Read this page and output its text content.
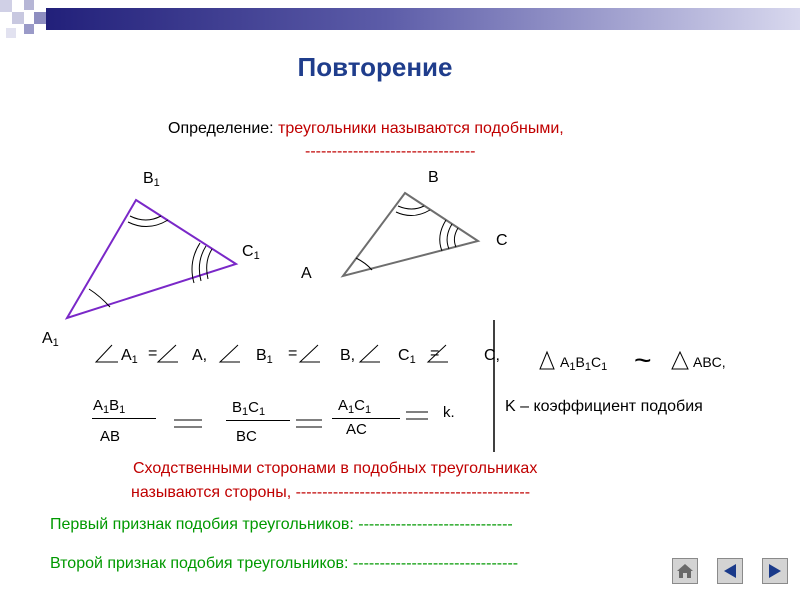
Повторение
Определение: треугольники называются подобными,
--------------------------------
$B_1$
$C_1$
$A_1$
B
C
A
$A_1 = A$,	$B_1$ =	B,	$C_1$ =	C,	$A_1B_1C_1$ ~	ABC,
$A_1B_1$
AB
$B_1C_1$
BC
$A_1C_1$
AC
k.	K – коэффициент подобия
Сходственными сторонами в подобных треугольниках
называются стороны, --------------------------------------------
Первый признак подобия треугольников: -----------------------------
Второй признак подобия треугольников: -------------------------------
